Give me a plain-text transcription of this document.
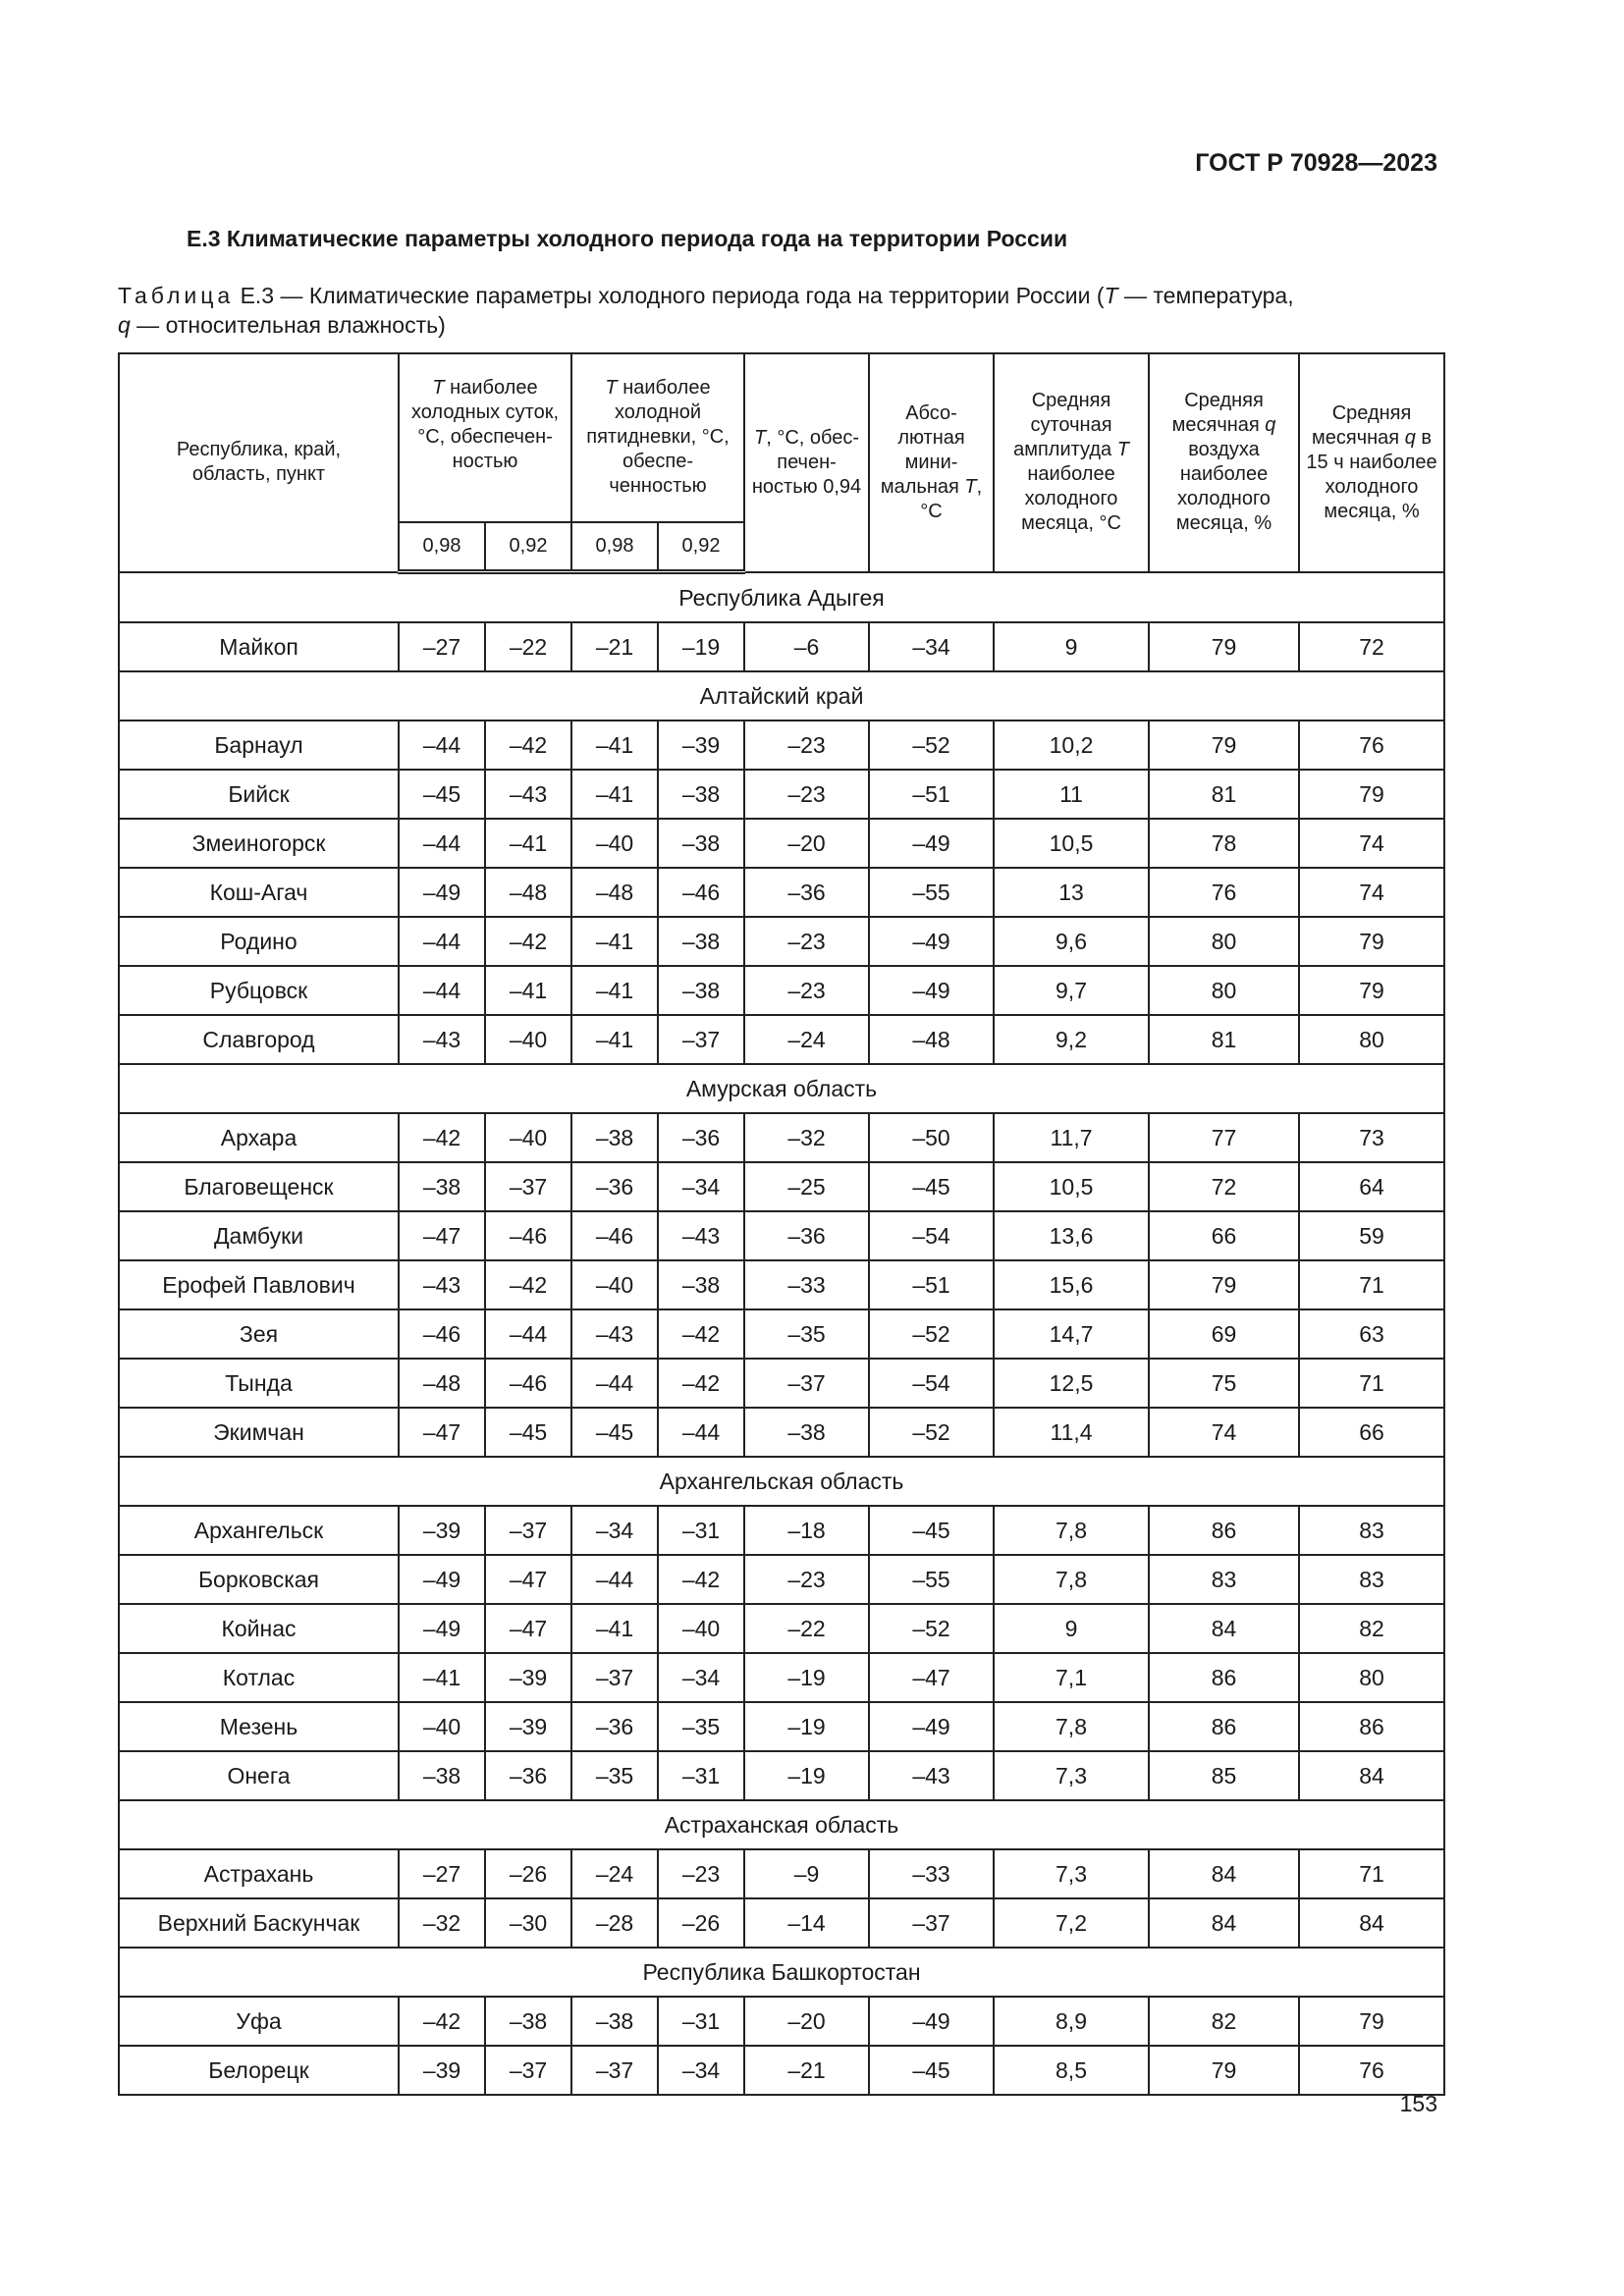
ГОСТ Р 70928—2023
Е.3 Климатические параметры холодного периода года на территории России
Таблица Е.3 — Климатические параметры холодного периода года на территории России (Т — температура,
q — относительная влажность)
Республика, край, область, пункт	Т наиболее холодных суток, °С, обеспечен- ностью		Т наиболее холодной пятидневки, °С, обеспе- ченностью		Т, °С, обес- печен- ностью 0,94	Абсо- лютная мини- мальная Т, °С	Средняя суточная амплитуда Т наиболее холодного месяца, °С	Средняя месячная q воздуха наиболее холодного месяца, %	Средняя месячная q в 15 ч наиболее холодного месяца, %
	0,98	0,92	0,98	0,92					
Республика Адыгея									
Майкоп	–27	–22	–21	–19	–6	–34	9	79	72
Алтайский край									
Барнаул	–44	–42	–41	–39	–23	–52	10,2	79	76
Бийск	–45	–43	–41	–38	–23	–51	11	81	79
Змеиногорск	–44	–41	–40	–38	–20	–49	10,5	78	74
Кош-Агач	–49	–48	–48	–46	–36	–55	13	76	74
Родино	–44	–42	–41	–38	–23	–49	9,6	80	79
Рубцовск	–44	–41	–41	–38	–23	–49	9,7	80	79
Славгород	–43	–40	–41	–37	–24	–48	9,2	81	80
Амурская область									
Архара	–42	–40	–38	–36	–32	–50	11,7	77	73
Благовещенск	–38	–37	–36	–34	–25	–45	10,5	72	64
Дамбуки	–47	–46	–46	–43	–36	–54	13,6	66	59
Ерофей Павлович	–43	–42	–40	–38	–33	–51	15,6	79	71
Зея	–46	–44	–43	–42	–35	–52	14,7	69	63
Тында	–48	–46	–44	–42	–37	–54	12,5	75	71
Экимчан	–47	–45	–45	–44	–38	–52	11,4	74	66
Архангельская область									
Архангельск	–39	–37	–34	–31	–18	–45	7,8	86	83
Борковская	–49	–47	–44	–42	–23	–55	7,8	83	83
Койнас	–49	–47	–41	–40	–22	–52	9	84	82
Котлас	–41	–39	–37	–34	–19	–47	7,1	86	80
Мезень	–40	–39	–36	–35	–19	–49	7,8	86	86
Онега	–38	–36	–35	–31	–19	–43	7,3	85	84
Астраханская область									
Астрахань	–27	–26	–24	–23	–9	–33	7,3	84	71
Верхний Баскунчак	–32	–30	–28	–26	–14	–37	7,2	84	84
Республика Башкортостан									
Уфа	–42	–38	–38	–31	–20	–49	8,9	82	79
Белорецк	–39	–37	–37	–34	–21	–45	8,5	79	76
153
